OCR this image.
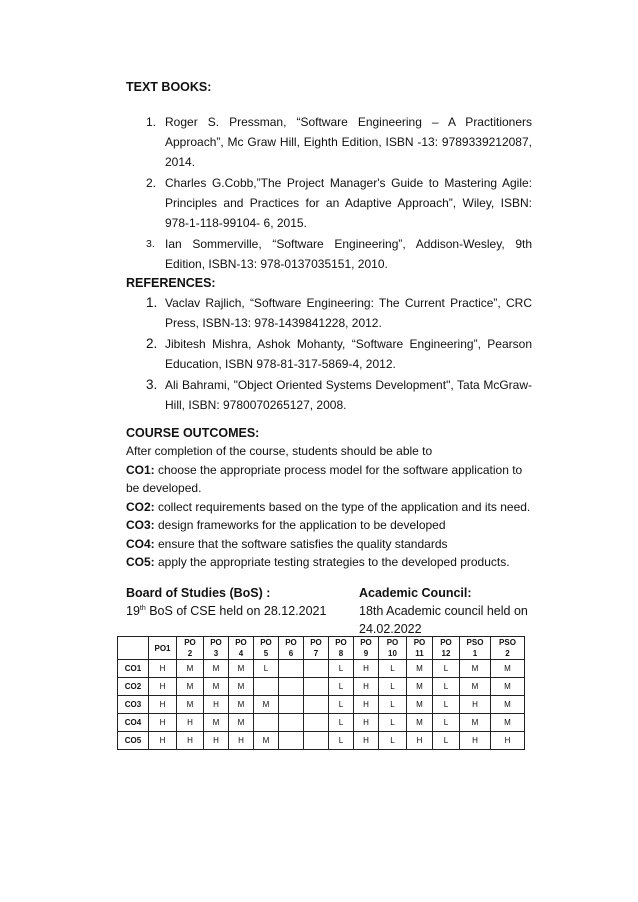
TEXT BOOKS:
1. Roger S. Pressman, “Software Engineering – A Practitioners Approach”, Mc Graw Hill, Eighth Edition, ISBN -13: 9789339212087, 2014.
2. Charles G.Cobb,”The Project Manager's Guide to Mastering Agile: Principles and Practices for an Adaptive Approach”, Wiley, ISBN: 978-1-118-99104- 6, 2015.
3. Ian Sommerville, “Software Engineering”, Addison-Wesley, 9th Edition, ISBN-13: 978-0137035151, 2010.
REFERENCES:
1. Vaclav Rajlich, “Software Engineering: The Current Practice”, CRC Press, ISBN-13: 978-1439841228, 2012.
2. Jibitesh Mishra, Ashok Mohanty, “Software Engineering”, Pearson Education, ISBN 978-81-317-5869-4, 2012.
3. Ali Bahrami, "Object Oriented Systems Development", Tata McGraw-Hill, ISBN: 9780070265127, 2008.
COURSE OUTCOMES:

After completion of the course, students should be able to

CO1: choose the appropriate process model for the software application to be developed.

CO2: collect requirements based on the type of the application and its need.

CO3: design frameworks for the application to be developed

CO4: ensure that the software satisfies the quality standards

CO5: apply the appropriate testing strategies to the developed products.

Board of Studies (BoS) :
19th BoS of CSE held on 28.12.2021
Academic Council:
18th Academic council held on
24.02.2022
	PO1	PO	PO	PO	PO	PO	PO	PO	PO	PO	PO	PO	PSO	PSO
		2	3	4	5	6	7	8	9	10	11	12	1	2
CO1	H	M	M	M	L			L	H	L	M	L	M	M
CO2	H	M	M	M				L	H	L	M	L	M	M
CO3	H	M	H	M	M			L	H	L	M	L	H	M
CO4	H	H	M	M				L	H	L	M	L	M	M
CO5	H	H	H	H	M			L	H	L	H	L	H	H
